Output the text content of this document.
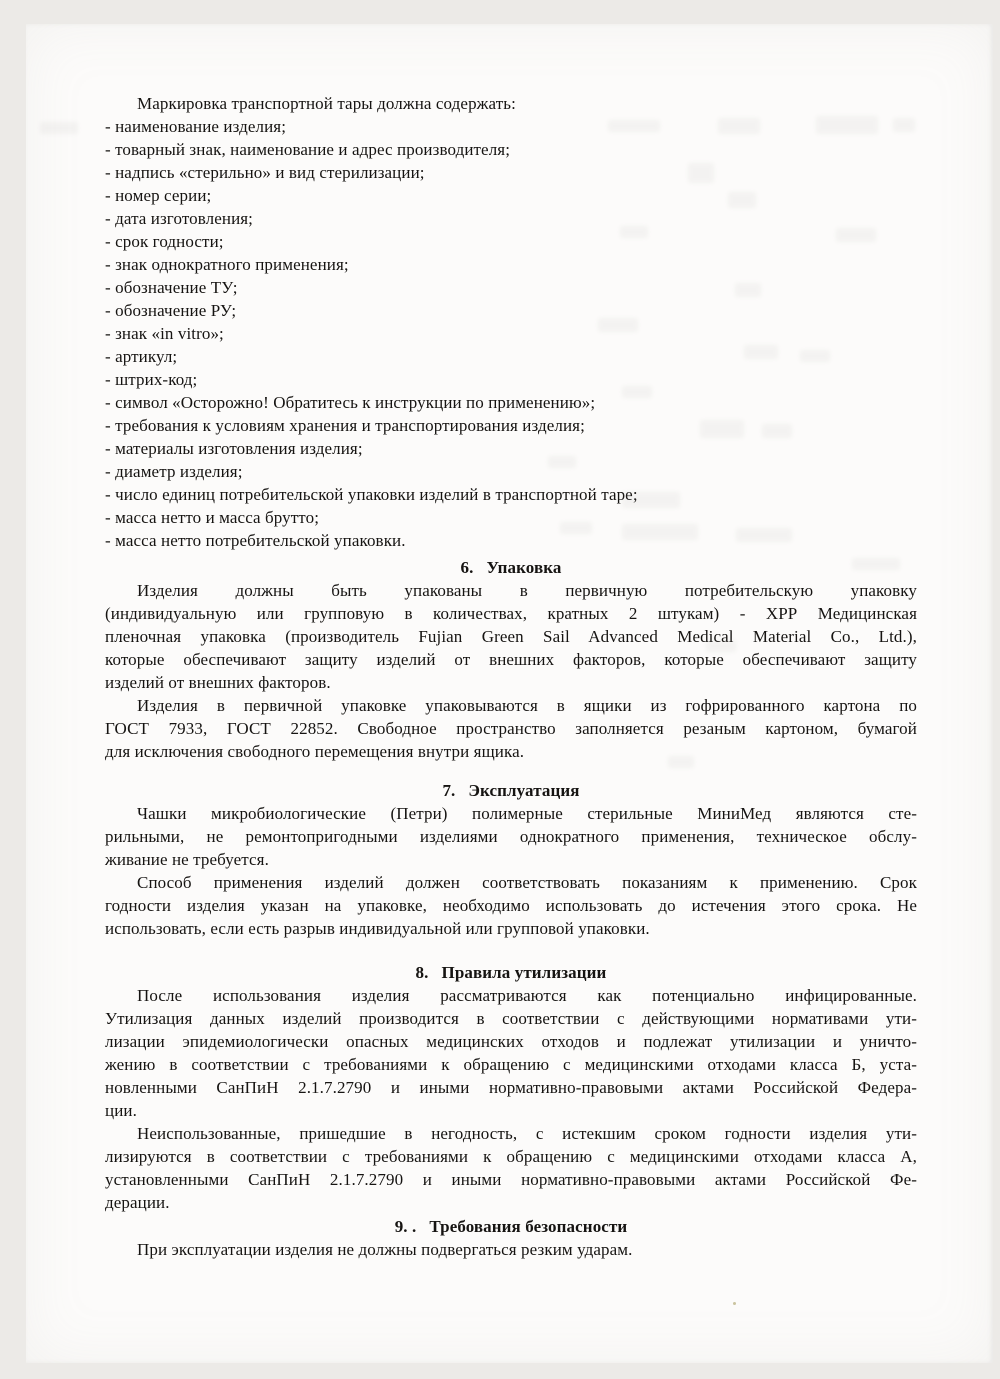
Маркировка транспортной тары должна содержать:
- наименование изделия;
- товарный знак, наименование и адрес производителя;
- надпись «стерильно» и вид стерилизации;
- номер серии;
- дата изготовления;
- срок годности;
- знак однократного применения;
- обозначение ТУ;
- обозначение РУ;
- знак «in vitro»;
- артикул;
- штрих-код;
- символ «Осторожно! Обратитесь к инструкции по применению»;
- требования к условиям хранения и транспортирования изделия;
- материалы изготовления изделия;
- диаметр изделия;
- число единиц потребительской упаковки изделий в транспортной таре;
- масса нетто и масса брутто;
- масса нетто потребительской упаковки.
6. Упаковка
Изделия должны быть упакованы в первичную потребительскую упаковку
(индивидуальную или групповую в количествах, кратных 2 штукам) - ХРР Медицинская
пленочная упаковка (производитель Fujian Green Sail Advanced Medical Material Co., Ltd.),
которые обеспечивают защиту изделий от внешних факторов, которые обеспечивают защиту
изделий от внешних факторов.
Изделия в первичной упаковке упаковываются в ящики из гофрированного картона по
ГОСТ 7933, ГОСТ 22852. Свободное пространство заполняется резаным картоном, бумагой
для исключения свободного перемещения внутри ящика.
7. Эксплуатация
Чашки микробиологические (Петри) полимерные стерильные МиниМед являются сте-
рильными, не ремонтопригодными изделиями однократного применения, техническое обслу-
живание не требуется.
Способ применения изделий должен соответствовать показаниям к применению. Срок
годности изделия указан на упаковке, необходимо использовать до истечения этого срока. Не
использовать, если есть разрыв индивидуальной или групповой упаковки.
8. Правила утилизации
После использования изделия рассматриваются как потенциально инфицированные.
Утилизация данных изделий производится в соответствии с действующими нормативами ути-
лизации эпидемиологически опасных медицинских отходов и подлежат утилизации и уничто-
жению в соответствии с требованиями к обращению с медицинскими отходами класса Б, уста-
новленными СанПиН 2.1.7.2790 и иными нормативно-правовыми актами Российской Федера-
ции.
Неиспользованные, пришедшие в негодность, с истекшим сроком годности изделия ути-
лизируются в соответствии с требованиями к обращению с медицинскими отходами класса А,
установленными СанПиН 2.1.7.2790 и иными нормативно-правовыми актами Российской Фе-
дерации.
9. . Требования безопасности
При эксплуатации изделия не должны подвергаться резким ударам.
